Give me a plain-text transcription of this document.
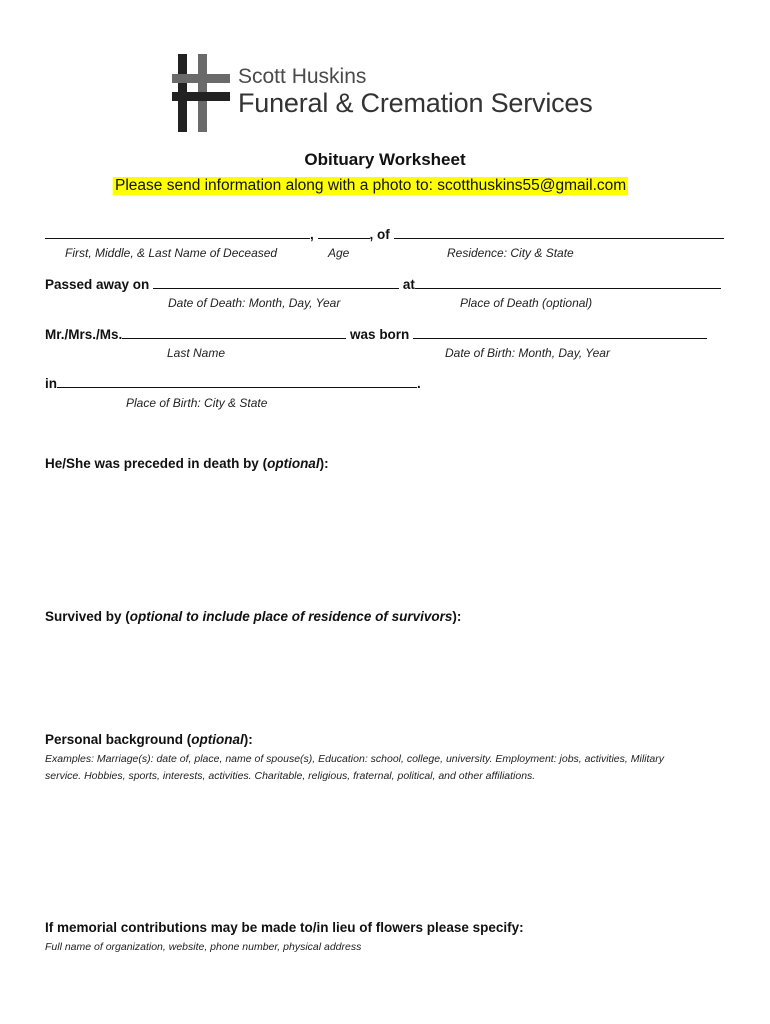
Scott Huskins
Funeral & Cremation Services
Obituary Worksheet
Please send information along with a photo to: scotthuskins55@gmail.com
,	, of
First, Middle, & Last Name of Deceased	Age	Residence: City & State
Passed away on	at
Date of Death: Month, Day, Year	Place of Death (optional)
Mr./Mrs./Ms.	was born
Last Name	Date of Birth: Month, Day, Year
in	.
Place of Birth: City & State
He/She was preceded in death by (optional):
Survived by (optional to include place of residence of survivors):
Personal background (optional):
Examples: Marriage(s): date of, place, name of spouse(s), Education: school, college, university. Employment: jobs, activities, Military
service. Hobbies, sports, interests, activities. Charitable, religious, fraternal, political, and other affiliations.
If memorial contributions may be made to/in lieu of flowers please specify:
Full name of organization, website, phone number, physical address
